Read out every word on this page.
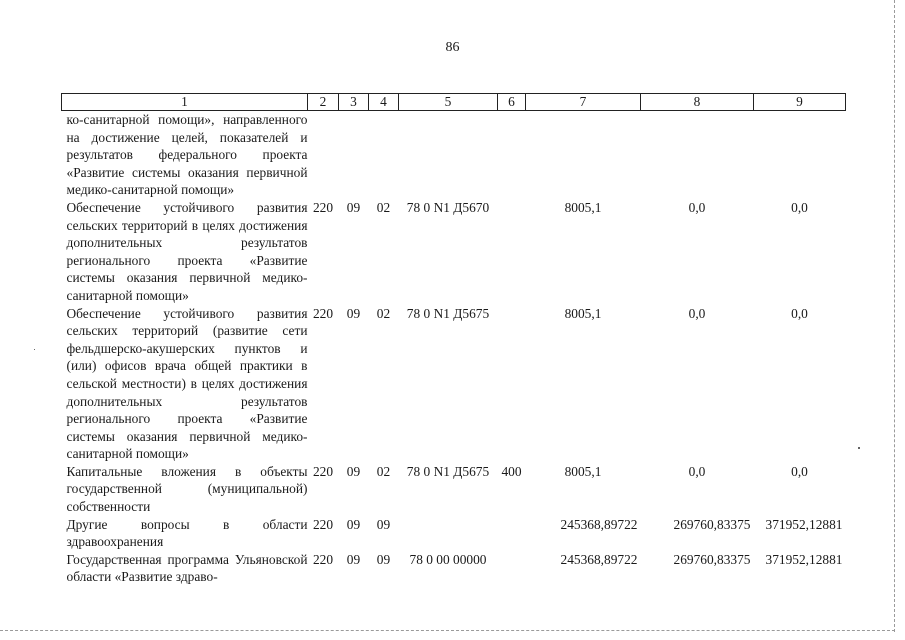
86
1	2	3	4	5	6	7	8	9
ко-санитарной помощи», направленного на достижение целей, показателей и результатов федерального проекта «Развитие системы оказания первичной медико-санитарной помощи»								
Обеспечение устойчивого развития сельских территорий в целях достижения дополнительных результатов регионального проекта «Развитие системы оказания первичной медико-санитарной помощи»	220	09	02	78 0 N1 Д5670		8005,1	0,0	0,0
Обеспечение устойчивого развития сельских территорий (развитие сети фельдшерско-акушерских пунктов и (или) офисов врача общей практики в сельской местности) в целях достижения дополнительных результатов регионального проекта «Развитие системы оказания первичной медико-санитарной помощи»	220	09	02	78 0 N1 Д5675		8005,1	0,0	0,0
Капитальные вложения в объекты государственной (муниципальной) собственности	220	09	02	78 0 N1 Д5675	400	8005,1	0,0	0,0
Другие вопросы в области здравоохранения	220	09	09			245368,89722	269760,83375	371952,12881
Государственная программа Ульяновской области «Развитие здраво-	220	09	09	78 0 00 00000		245368,89722	269760,83375	371952,12881
